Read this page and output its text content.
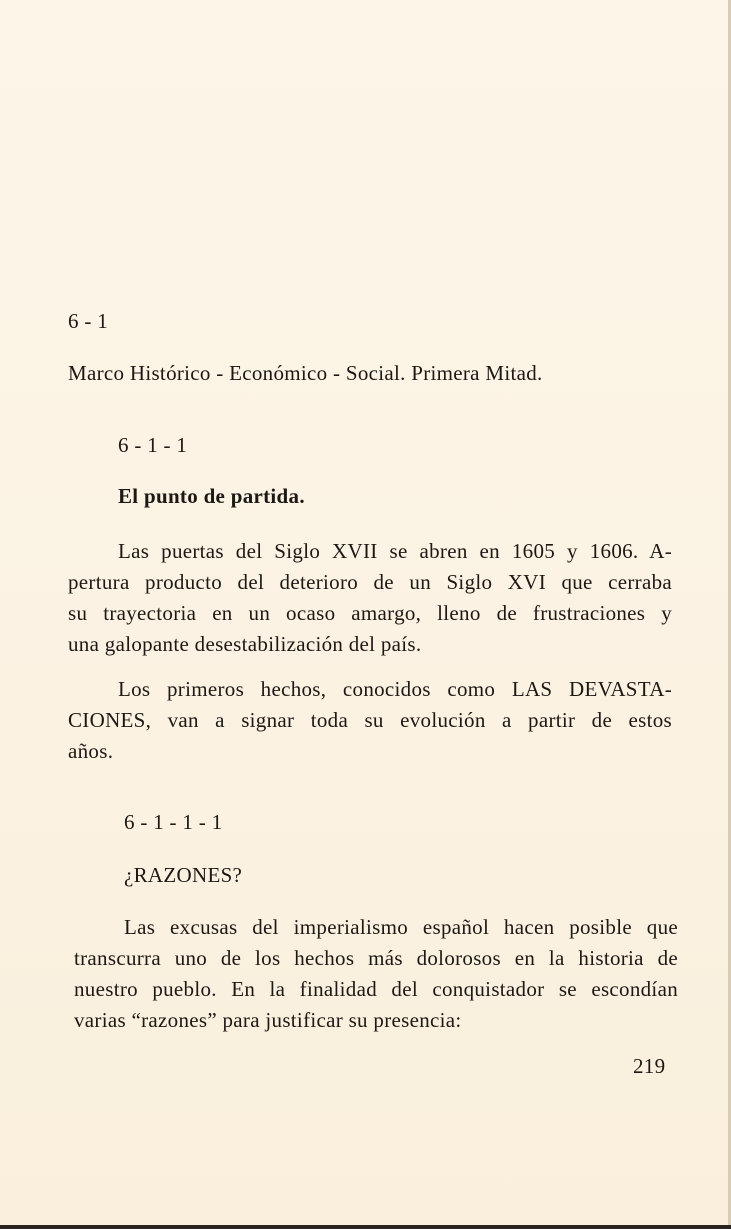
6 - 1
Marco Histórico - Económico - Social. Primera Mitad.
6 - 1 - 1
El punto de partida.
Las puertas del Siglo XVII se abren en 1605 y 1606. A-
pertura producto del deterioro de un Siglo XVI que cerraba
su trayectoria en un ocaso amargo, lleno de frustraciones y
una galopante desestabilización del país.
Los primeros hechos, conocidos como LAS DEVASTA-
CIONES, van a signar toda su evolución a partir de estos
años.
6 - 1 - 1 - 1
¿RAZONES?
Las excusas del imperialismo español hacen posible que
transcurra uno de los hechos más dolorosos en la historia de
nuestro pueblo. En la finalidad del conquistador se escondían
varias “razones” para justificar su presencia:
219
